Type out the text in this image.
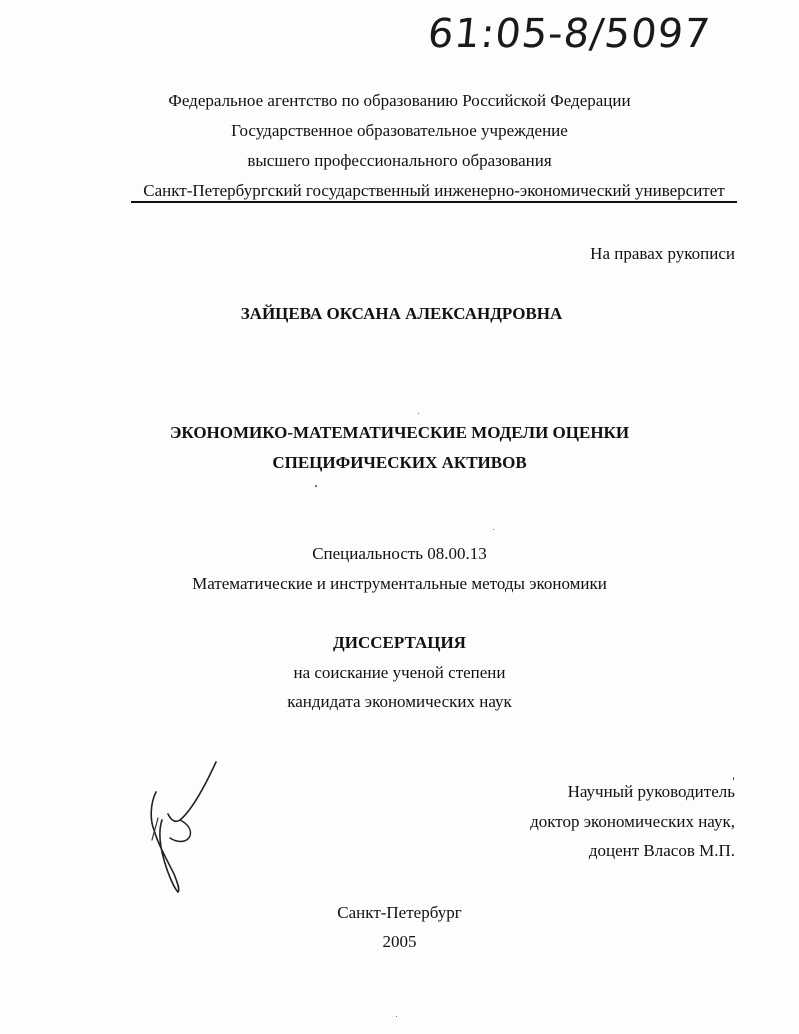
61:05-8/5097
Федеральное агентство по образованию Российской Федерации
Государственное образовательное учреждение
высшего профессионального образования
Санкт-Петербургский государственный инженерно-экономический университет
На правах рукописи
ЗАЙЦЕВА ОКСАНА АЛЕКСАНДРОВНА
ЭКОНОМИКО-МАТЕМАТИЧЕСКИЕ МОДЕЛИ ОЦЕНКИ
СПЕЦИФИЧЕСКИХ АКТИВОВ
Специальность 08.00.13
Математические и инструментальные методы экономики
ДИССЕРТАЦИЯ
на соискание ученой степени
кандидата экономических наук
Научный руководитель
доктор экономических наук,
доцент Власов М.П.
Санкт-Петербург
2005
